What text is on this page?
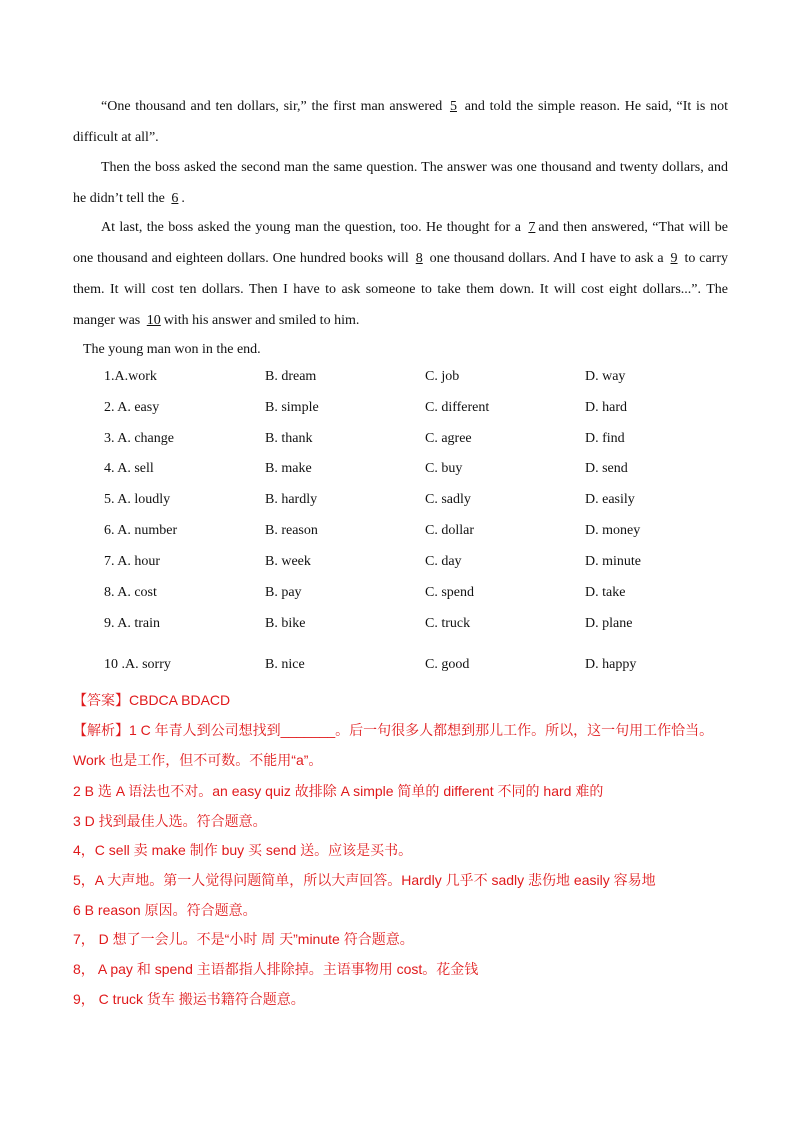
“One thousand and ten dollars, sir,” the first man answered 5 and told the simple reason. He said, “It is not difficult at all”.

Then the boss asked the second man the same question. The answer was one thousand and twenty dollars, and he didn’t tell the 6 .

At last, the boss asked the young man the question, too. He thought for a 7 and then answered, “That will be one thousand and eighteen dollars. One hundred books will 8 one thousand dollars. And I have to ask a 9 to carry them. It will cost ten dollars. Then I have to ask someone to take them down. It will cost eight dollars...”. The manger was 10 with his answer and smiled to him.

The young man won in the end.
1.A.work	B. dream	C. job	D. way
2. A. easy	B. simple	C. different	D. hard
3. A. change	B. thank	C. agree	D. find
4. A. sell	B. make	C. buy	D. send
5. A. loudly	B. hardly	C. sadly	D. easily
6. A. number	B. reason	C. dollar	D. money
7. A. hour	B. week	C. day	D. minute
8. A. cost	B. pay	C. spend	D. take
9. A. train	B. bike	C. truck	D. plane
10 .A. sorry	B. nice	C. good	D. happy
【答案】CBDCA BDACD
【解析】1 C 年青人到公司想找到_______。后一句很多人都想到那儿工作。所以，这一句用工作恰当。
Work 也是工作，但不可数。不能用“a”。
2 B 选 A 语法也不对。an easy quiz 故排除 A simple 简单的 different 不同的 hard 难的
3 D 找到最佳人选。符合题意。
4，C sell 卖 make 制作 buy 买 send 送。应该是买书。
5，A 大声地。第一人觉得问题简单，所以大声回答。Hardly 几乎不 sadly 悲伤地 easily 容易地
6 B reason 原因。符合题意。
7， D 想了一会儿。不是“小时 周 天”minute 符合题意。
8， A pay 和 spend 主语都指人排除掉。主语事物用 cost。花金钱
9， C truck 货车 搬运书籍符合题意。
